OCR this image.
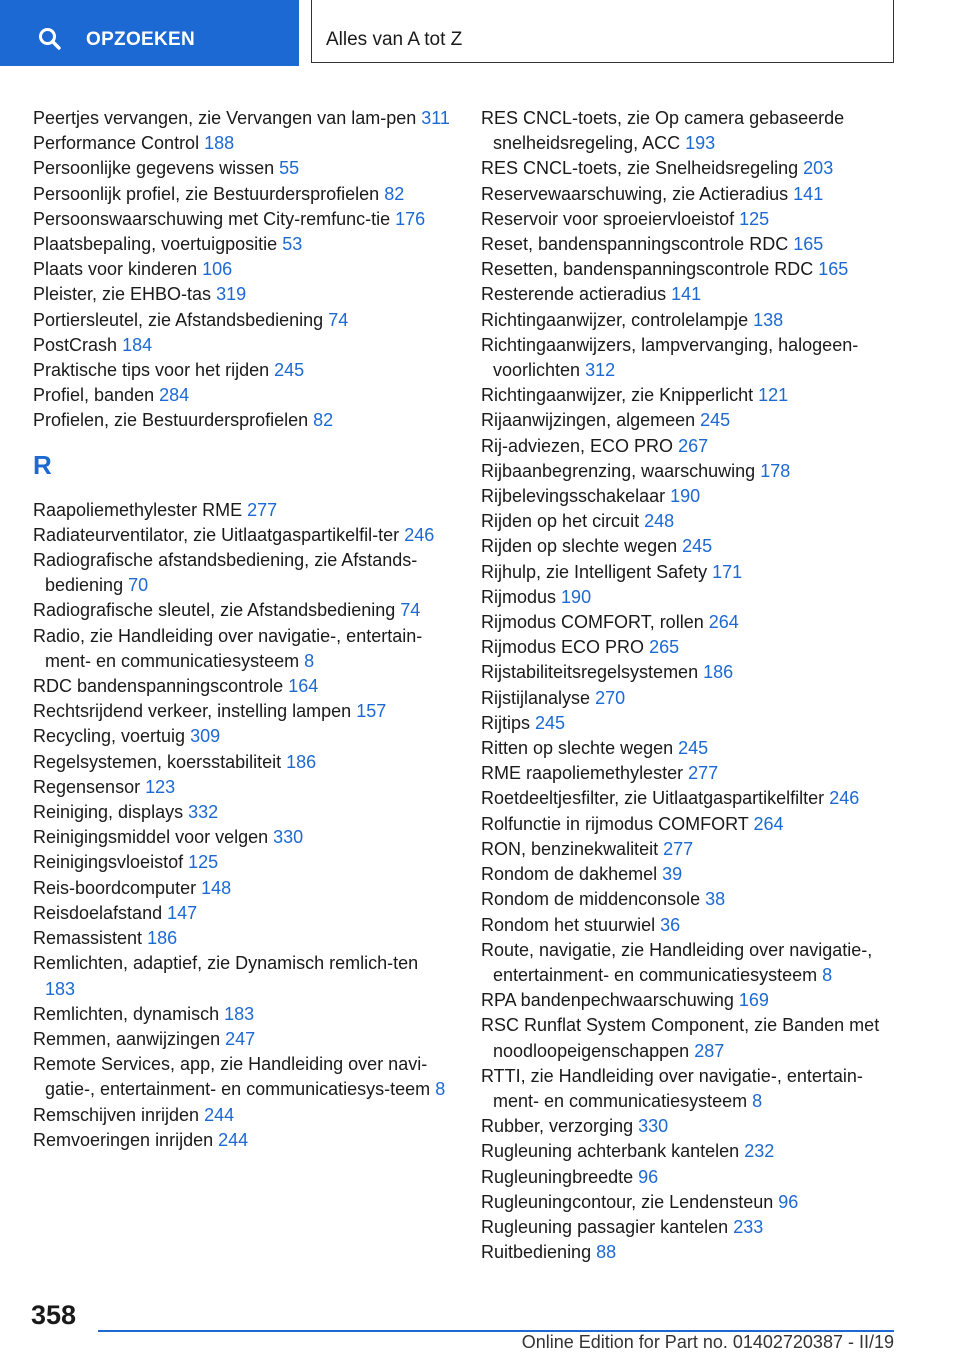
OPZOEKEN	Alles van A tot Z
Peertjes vervangen, zie Vervangen van lam‐pen 311
Performance Control 188
Persoonlijke gegevens wissen 55
Persoonlijk profiel, zie Bestuurdersprofielen 82
Persoonswaarschuwing met City-remfunc‐tie 176
Plaatsbepaling, voertuigpositie 53
Plaats voor kinderen 106
Pleister, zie EHBO-tas 319
Portiersleutel, zie Afstandsbediening 74
PostCrash 184
Praktische tips voor het rijden 245
Profiel, banden 284
Profielen, zie Bestuurdersprofielen 82
R
Raapoliemethylester RME 277
Radiateurventilator, zie Uitlaatgaspartikelfil‐ter 246
Radiografische afstandsbediening, zie Afstands‐bediening 70
Radiografische sleutel, zie Afstandsbediening 74
Radio, zie Handleiding over navigatie-, entertain‐ment- en communicatiesysteem 8
RDC bandenspanningscontrole 164
Rechtsrijdend verkeer, instelling lampen 157
Recycling, voertuig 309
Regelsystemen, koersstabiliteit 186
Regensensor 123
Reiniging, displays 332
Reinigingsmiddel voor velgen 330
Reinigingsvloeistof 125
Reis-boordcomputer 148
Reisdoelafstand 147
Remassistent 186
Remlichten, adaptief, zie Dynamisch remlich‐ten 183
Remlichten, dynamisch 183
Remmen, aanwijzingen 247
Remote Services, app, zie Handleiding over navi‐gatie-, entertainment- en communicatiesys‐teem 8
Remschijven inrijden 244
Remvoeringen inrijden 244
RES CNCL-toets, zie Op camera gebaseerde snelheidsregeling, ACC 193
RES CNCL-toets, zie Snelheidsregeling 203
Reservewaarschuwing, zie Actieradius 141
Reservoir voor sproeiervloeistof 125
Reset, bandenspanningscontrole RDC 165
Resetten, bandenspanningscontrole RDC 165
Resterende actieradius 141
Richtingaanwijzer, controlelampje 138
Richtingaanwijzers, lampvervanging, halogeen‐voorlichten 312
Richtingaanwijzer, zie Knipperlicht 121
Rijaanwijzingen, algemeen 245
Rij-adviezen, ECO PRO 267
Rijbaanbegrenzing, waarschuwing 178
Rijbelevingsschakelaar 190
Rijden op het circuit 248
Rijden op slechte wegen 245
Rijhulp, zie Intelligent Safety 171
Rijmodus 190
Rijmodus COMFORT, rollen 264
Rijmodus ECO PRO 265
Rijstabiliteitsregelsystemen 186
Rijstijlanalyse 270
Rijtips 245
Ritten op slechte wegen 245
RME raapoliemethylester 277
Roetdeeltjesfilter, zie Uitlaatgaspartikelfilter 246
Rolfunctie in rijmodus COMFORT 264
RON, benzinekwaliteit 277
Rondom de dakhemel 39
Rondom de middenconsole 38
Rondom het stuurwiel 36
Route, navigatie, zie Handleiding over navigatie-, entertainment- en communicatiesysteem 8
RPA bandenpechwaarschuwing 169
RSC Runflat System Component, zie Banden met noodloopeigenschappen 287
RTTI, zie Handleiding over navigatie-, entertain‐ment- en communicatiesysteem 8
Rubber, verzorging 330
Rugleuning achterbank kantelen 232
Rugleuningbreedte 96
Rugleuningcontour, zie Lendensteun 96
Rugleuning passagier kantelen 233
Ruitbediening 88
358
Online Edition for Part no. 01402720387 - II/19
